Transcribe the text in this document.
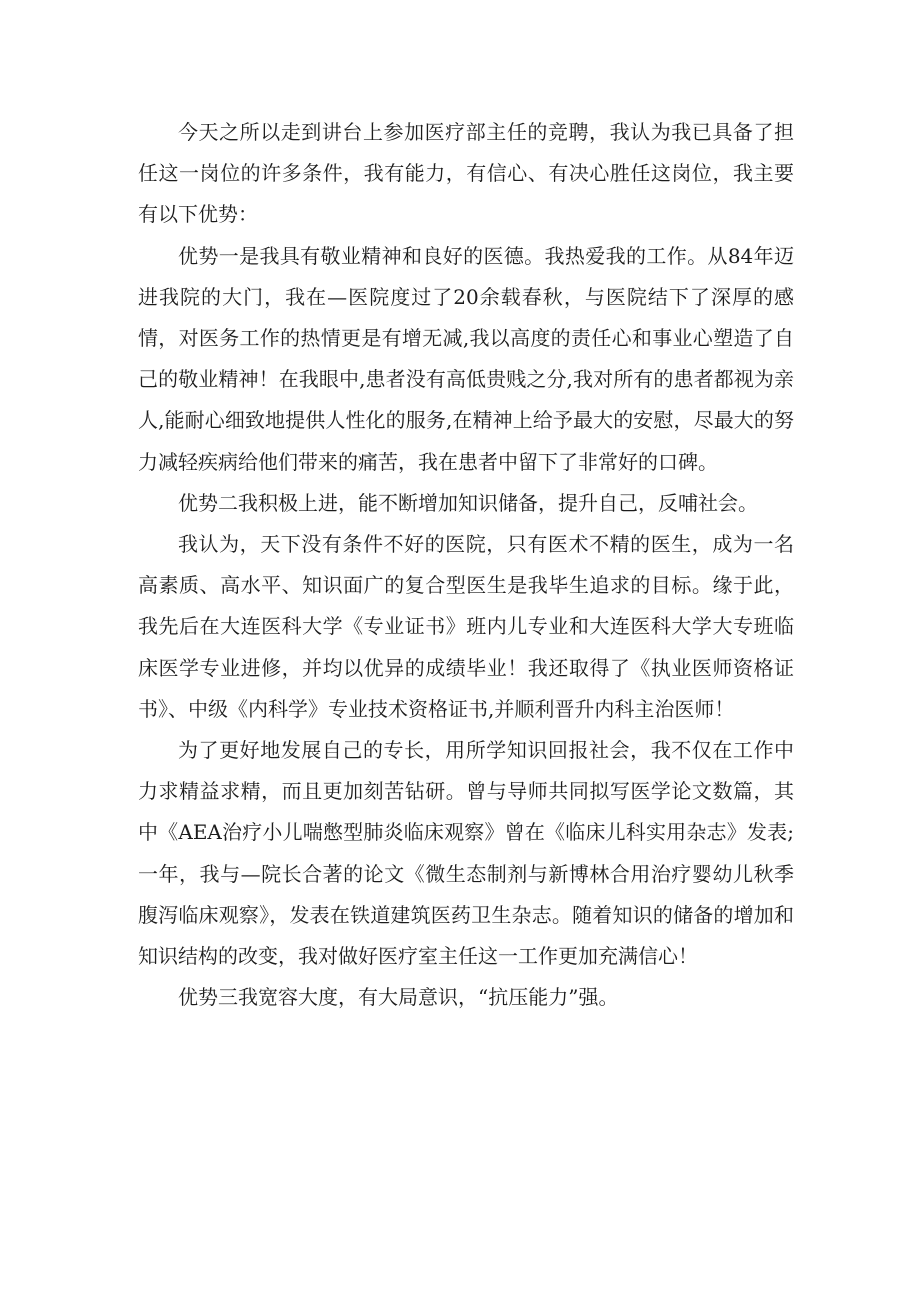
今天之所以走到讲台上参加医疗部主任的竞聘，我认为我已具备了担任这一岗位的许多条件，我有能力，有信心、有决心胜任这岗位，我主要有以下优势：

优势一是我具有敬业精神和良好的医德。我热爱我的工作。从84年迈进我院的大门，我在—医院度过了20余载春秋，与医院结下了深厚的感情，对医务工作的热情更是有增无减,我以高度的责任心和事业心塑造了自己的敬业精神！在我眼中,患者没有高低贵贱之分,我对所有的患者都视为亲人,能耐心细致地提供人性化的服务,在精神上给予最大的安慰，尽最大的努力减轻疾病给他们带来的痛苦，我在患者中留下了非常好的口碑。

优势二我积极上进，能不断增加知识储备，提升自己，反哺社会。

我认为，天下没有条件不好的医院，只有医术不精的医生，成为一名高素质、高水平、知识面广的复合型医生是我毕生追求的目标。缘于此，我先后在大连医科大学《专业证书》班内儿专业和大连医科大学大专班临床医学专业进修，并均以优异的成绩毕业！我还取得了《执业医师资格证书》、中级《内科学》专业技术资格证书,并顺利晋升内科主治医师！

为了更好地发展自己的专长，用所学知识回报社会，我不仅在工作中力求精益求精，而且更加刻苦钻研。曾与导师共同拟写医学论文数篇，其中《AEA治疗小儿喘憋型肺炎临床观察》曾在《临床儿科实用杂志》发表;一年，我与—院长合著的论文《微生态制剂与新博林合用治疗婴幼儿秋季腹泻临床观察》，发表在铁道建筑医药卫生杂志。随着知识的储备的增加和知识结构的改变，我对做好医疗室主任这一工作更加充满信心！

优势三我宽容大度，有大局意识，“抗压能力”强。
